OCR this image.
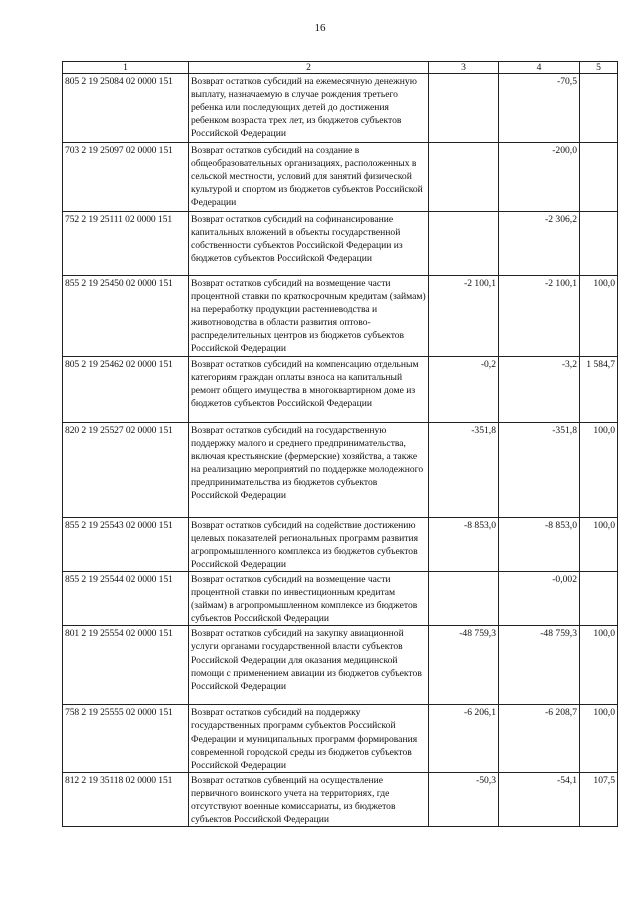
16
1	2	3	4	5
805 2 19 25084 02 0000 151	Возврат остатков субсидий на ежемесячную денежную выплату, назначаемую в случае рождения третьего ребенка или последующих детей до достижения ребенком возраста трех лет, из бюджетов субъектов Российской Федерации		-70,5	
703 2 19 25097 02 0000 151	Возврат остатков субсидий на создание в общеобразовательных организациях, расположенных в сельской местности, условий для занятий физической культурой и спортом из бюджетов субъектов Российской Федерации		-200,0	
752 2 19 25111 02 0000 151	Возврат остатков субсидий на софинансирование капитальных вложений в объекты государственной собственности субъектов Российской Федерации из бюджетов субъектов Российской Федерации		-2 306,2	
855 2 19 25450 02 0000 151	Возврат остатков субсидий на возмещение части процентной ставки по краткосрочным кредитам (займам) на переработку продукции растениеводства и животноводства в области развития оптово-распределительных центров из бюджетов субъектов Российской Федерации	-2 100,1	-2 100,1	100,0
805 2 19 25462 02 0000 151	Возврат остатков субсидий на компенсацию отдельным категориям граждан оплаты взноса на капитальный ремонт общего имущества в многоквартирном доме из бюджетов субъектов Российской Федерации	-0,2	-3,2	1 584,7
820 2 19 25527 02 0000 151	Возврат остатков субсидий на государственную поддержку малого и среднего предпринимательства, включая крестьянские (фермерские) хозяйства, а также на реализацию мероприятий по поддержке молодежного предпринимательства из бюджетов субъектов Российской Федерации	-351,8	-351,8	100,0
855 2 19 25543 02 0000 151	Возврат остатков субсидий на содействие достижению целевых показателей региональных программ развития агропромышленного комплекса из бюджетов субъектов Российской Федерации	-8 853,0	-8 853,0	100,0
855 2 19 25544 02 0000 151	Возврат остатков субсидий на возмещение части процентной ставки по инвестиционным кредитам (займам) в агропромышленном комплексе из бюджетов субъектов Российской Федерации		-0,002	
801 2 19 25554 02 0000 151	Возврат остатков субсидий на закупку авиационной услуги органами государственной власти субъектов Российской Федерации для оказания медицинской помощи с применением авиации из бюджетов субъектов Российской Федерации	-48 759,3	-48 759,3	100,0
758 2 19 25555 02 0000 151	Возврат остатков субсидий на поддержку государственных программ субъектов Российской Федерации и муниципальных программ формирования современной городской среды из бюджетов субъектов Российской Федерации	-6 206,1	-6 208,7	100,0
812 2 19 35118 02 0000 151	Возврат остатков субвенций на осуществление первичного воинского учета на территориях, где отсутствуют военные комиссариаты, из бюджетов субъектов Российской Федерации	-50,3	-54,1	107,5
